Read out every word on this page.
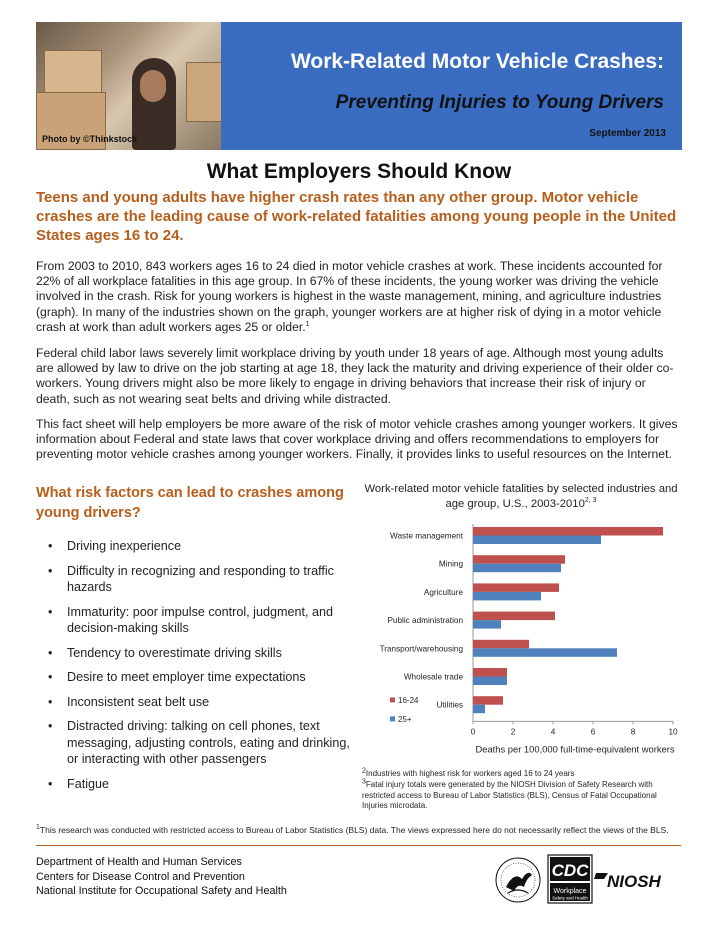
Photo by ©Thinkstock
Work-Related Motor Vehicle Crashes:
Preventing Injuries to Young Drivers
September 2013
What Employers Should Know
Teens and young adults have higher crash rates than any other group. Motor vehicle crashes are the leading cause of work-related fatalities among young people in the United States ages 16 to 24.
From 2003 to 2010, 843 workers ages 16 to 24 died in motor vehicle crashes at work. These incidents accounted for 22% of all workplace fatalities in this age group. In 67% of these incidents, the young worker was driving the vehicle involved in the crash. Risk for young workers is highest in the waste management, mining, and agriculture industries (graph). In many of the industries shown on the graph, younger workers are at higher risk of dying in a motor vehicle crash at work than adult workers ages 25 or older.$^1$
Federal child labor laws severely limit workplace driving by youth under 18 years of age. Although most young adults are allowed by law to drive on the job starting at age 18, they lack the maturity and driving experience of their older co-workers. Young drivers might also be more likely to engage in driving behaviors that increase their risk of injury or death, such as not wearing seat belts and driving while distracted.
This fact sheet will help employers be more aware of the risk of motor vehicle crashes among younger workers. It gives information about Federal and state laws that cover workplace driving and offers recommendations to employers for preventing motor vehicle crashes among younger workers. Finally, it provides links to useful resources on the Internet.
What risk factors can lead to crashes among young drivers?
• Driving inexperience
• Difficulty in recognizing and responding to traffic hazards
• Immaturity: poor impulse control, judgment, and decision-making skills
• Tendency to overestimate driving skills
• Desire to meet employer time expectations
• Inconsistent seat belt use
• Distracted driving: talking on cell phones, text messaging, adjusting controls, eating and drinking, or interacting with other passengers
• Fatigue
Work-related motor vehicle fatalities by selected industries and age group, U.S., 2003-2010$^{2, 3}$
Waste management
Mining
Agriculture
Public administration
Transport/warehousing
Wholesale trade
Utilities
0	2	4	6	8	10
Deaths per 100,000 full-time-equivalent workers
16-24
25+

$^2$Industries with highest risk for workers aged 16 to 24 years

$^3$Fatal injury totals were generated by the NIOSH Division of Safety Research with restricted access to Bureau of Labor Statistics (BLS), Census of Fatal Occupational Injuries microdata.

$^1$This research was conducted with restricted access to Bureau of Labor Statistics (BLS) data. The views expressed here do not necessarily reflect the views of the BLS.
Department of Health and Human Services
Centers for Disease Control and Prevention
National Institute for Occupational Safety and Health
CDC
Workplace
Safety and Health
NIOSH
